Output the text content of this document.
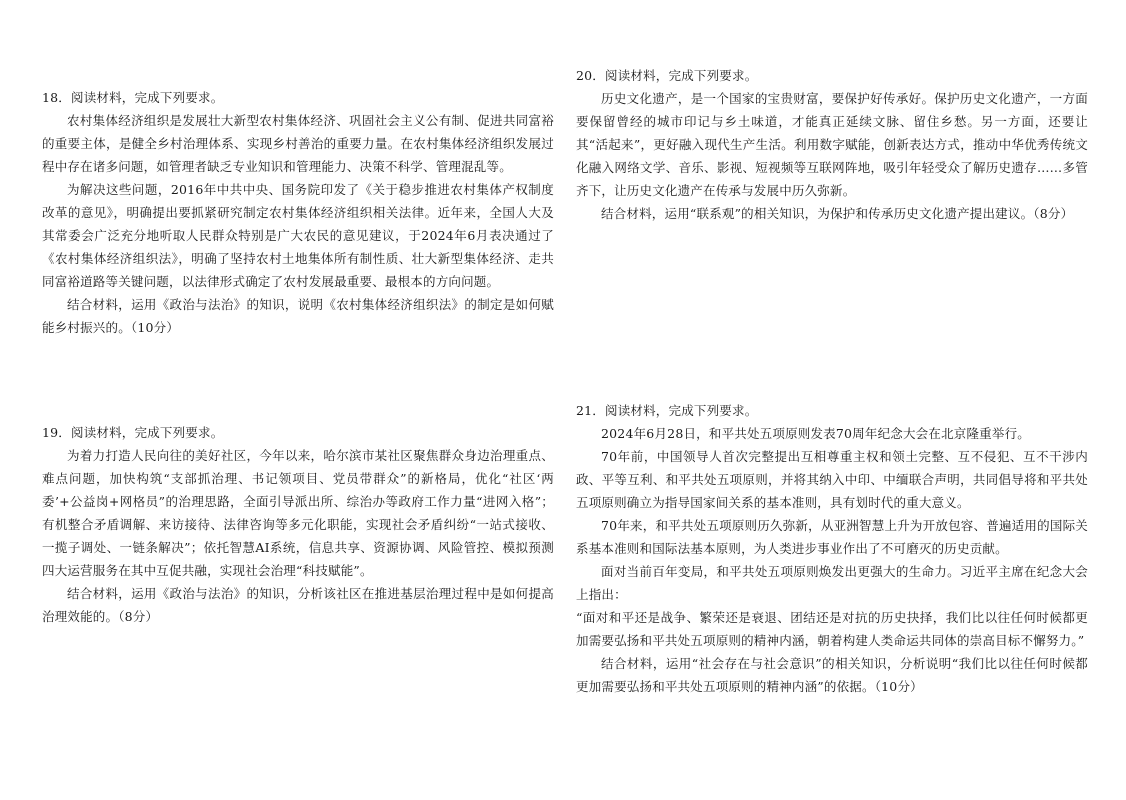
18．阅读材料，完成下列要求。

农村集体经济组织是发展壮大新型农村集体经济、巩固社会主义公有制、促进共同富裕的重要主体，是健全乡村治理体系、实现乡村善治的重要力量。在农村集体经济组织发展过程中存在诸多问题，如管理者缺乏专业知识和管理能力、决策不科学、管理混乱等。

为解决这些问题，2016年中共中央、国务院印发了《关于稳步推进农村集体产权制度改革的意见》，明确提出要抓紧研究制定农村集体经济组织相关法律。近年来，全国人大及其常委会广泛充分地听取人民群众特别是广大农民的意见建议，于2024年6月表决通过了《农村集体经济组织法》，明确了坚持农村土地集体所有制性质、壮大新型集体经济、走共同富裕道路等关键问题，以法律形式确定了农村发展最重要、最根本的方向问题。

结合材料，运用《政治与法治》的知识，说明《农村集体经济组织法》的制定是如何赋能乡村振兴的。（10分）

19．阅读材料，完成下列要求。

为着力打造人民向往的美好社区，今年以来，哈尔滨市某社区聚焦群众身边治理重点、难点问题，加快构筑“支部抓治理、书记领项目、党员带群众”的新格局，优化“社区‘两委’+公益岗+网格员”的治理思路，全面引导派出所、综治办等政府工作力量“进网入格”；有机整合矛盾调解、来访接待、法律咨询等多元化职能，实现社会矛盾纠纷“一站式接收、一揽子调处、一链条解决”；依托智慧AI系统，信息共享、资源协调、风险管控、模拟预测四大运营服务在其中互促共融，实现社会治理“科技赋能”。

结合材料，运用《政治与法治》的知识，分析该社区在推进基层治理过程中是如何提高治理效能的。（8分）

20．阅读材料，完成下列要求。

历史文化遗产，是一个国家的宝贵财富，要保护好传承好。保护历史文化遗产，一方面要保留曾经的城市印记与乡土味道，才能真正延续文脉、留住乡愁。另一方面，还要让其“活起来”，更好融入现代生产生活。利用数字赋能，创新表达方式，推动中华优秀传统文化融入网络文学、音乐、影视、短视频等互联网阵地，吸引年轻受众了解历史遗存……多管齐下，让历史文化遗产在传承与发展中历久弥新。

结合材料，运用“联系观”的相关知识，为保护和传承历史文化遗产提出建议。（8分）

21．阅读材料，完成下列要求。

2024年6月28日，和平共处五项原则发表70周年纪念大会在北京隆重举行。

70年前，中国领导人首次完整提出互相尊重主权和领土完整、互不侵犯、互不干涉内政、平等互利、和平共处五项原则，并将其纳入中印、中缅联合声明，共同倡导将和平共处五项原则确立为指导国家间关系的基本准则，具有划时代的重大意义。

70年来，和平共处五项原则历久弥新，从亚洲智慧上升为开放包容、普遍适用的国际关系基本准则和国际法基本原则，为人类进步事业作出了不可磨灭的历史贡献。

面对当前百年变局，和平共处五项原则焕发出更强大的生命力。习近平主席在纪念大会上指出：

“面对和平还是战争、繁荣还是衰退、团结还是对抗的历史抉择，我们比以往任何时候都更加需要弘扬和平共处五项原则的精神内涵，朝着构建人类命运共同体的崇高目标不懈努力。”

结合材料，运用“社会存在与社会意识”的相关知识，分析说明“我们比以往任何时候都更加需要弘扬和平共处五项原则的精神内涵”的依据。（10分）
